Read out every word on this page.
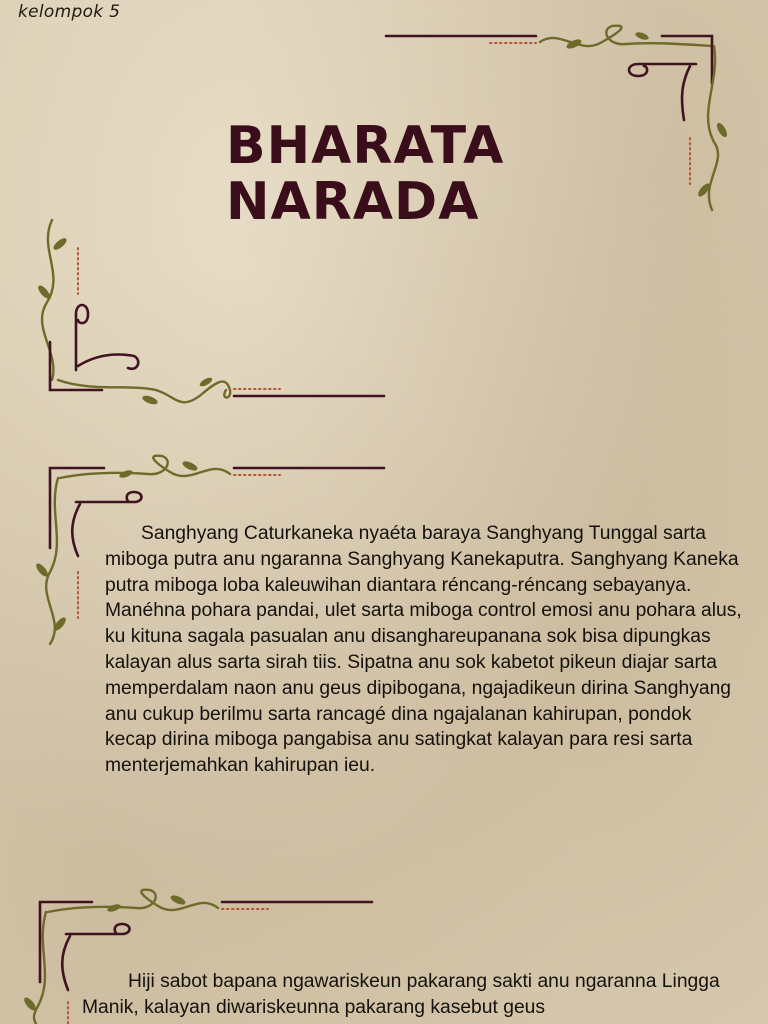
kelompok 5

BHARATA
NARADA

Sanghyang Caturkaneka nyaéta baraya Sanghyang Tunggal sarta miboga putra anu ngaranna Sanghyang Kanekaputra. Sanghyang Kaneka putra miboga loba kaleuwihan diantara réncang-réncang sebayanya. Manéhna pohara pandai, ulet sarta miboga control emosi anu pohara alus, ku kituna sagala pasualan anu disanghareupanana sok bisa dipungkas kalayan alus sarta sirah tiis. Sipatna anu sok kabetot pikeun diajar sarta memperdalam naon anu geus dipibogana, ngajadikeun dirina Sanghyang anu cukup berilmu sarta rancagé dina ngajalanan kahirupan, pondok kecap dirina miboga pangabisa anu satingkat kalayan para resi sarta menterjemahkan kahirupan ieu.

Hiji sabot bapana ngawariskeun pakarang sakti anu ngaranna Lingga Manik, kalayan diwariskeunna pakarang kasebut geus
